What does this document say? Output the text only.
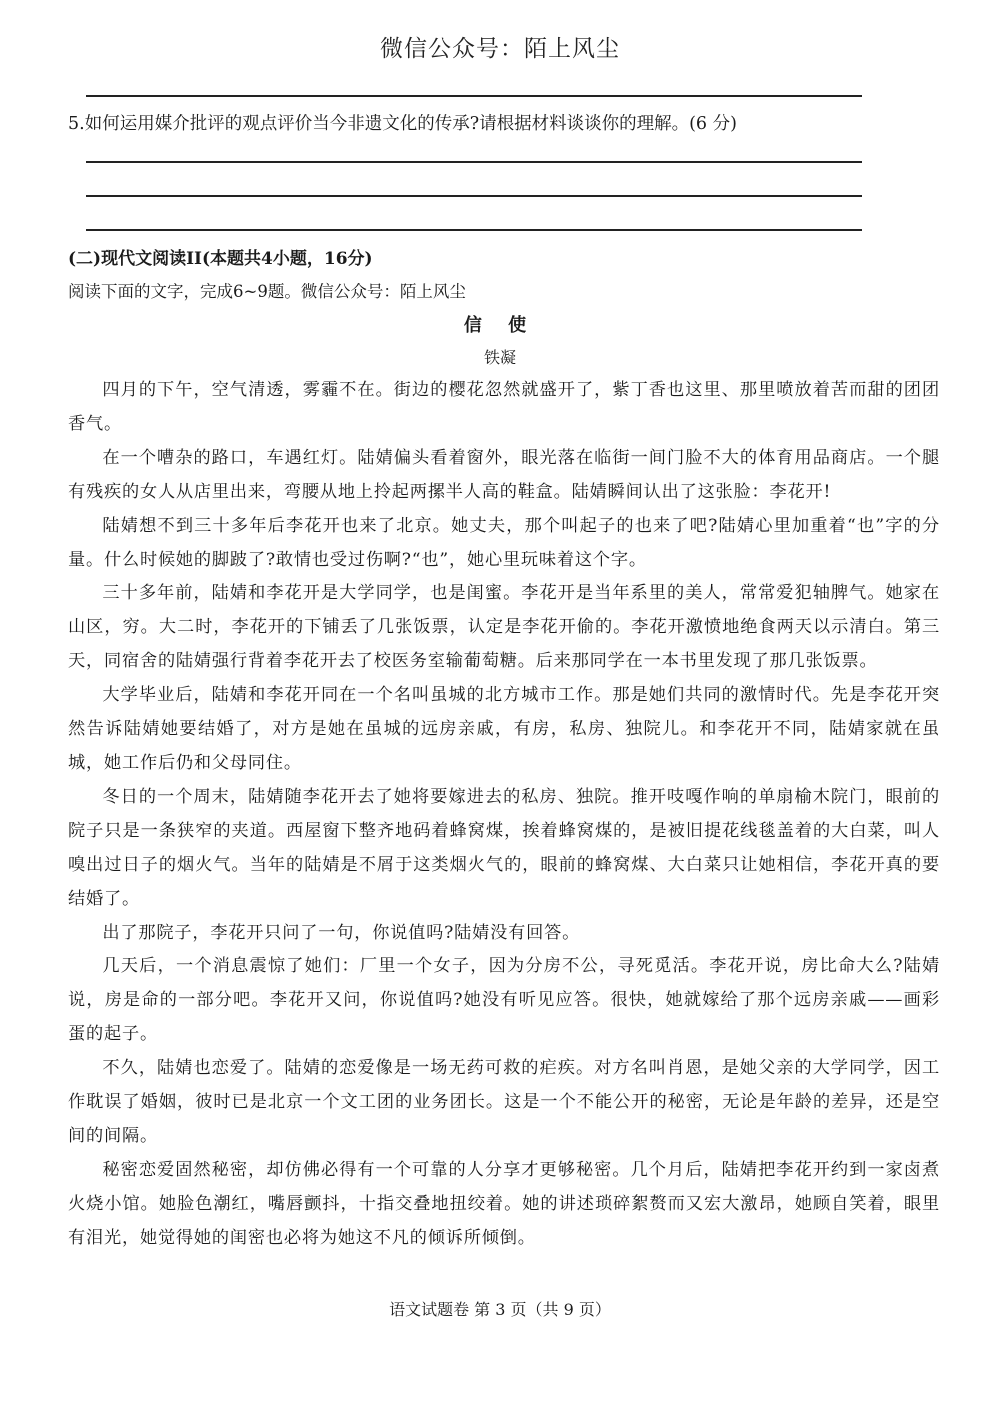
微信公众号：陌上风尘
5.如何运用媒介批评的观点评价当今非遗文化的传承?请根据材料谈谈你的理解。(6 分)
(二)现代文阅读II(本题共4小题，16分)
阅读下面的文字，完成6~9题。微信公众号：陌上风尘
信 使
铁凝

四月的下午，空气清透，雾霾不在。街边的樱花忽然就盛开了，紫丁香也这里、那里喷放着苦而甜的团团香气。

在一个嘈杂的路口，车遇红灯。陆婧偏头看着窗外，眼光落在临街一间门脸不大的体育用品商店。一个腿有残疾的女人从店里出来，弯腰从地上拎起两摞半人高的鞋盒。陆婧瞬间认出了这张脸：李花开!

陆婧想不到三十多年后李花开也来了北京。她丈夫，那个叫起子的也来了吧?陆婧心里加重着“也”字的分量。什么时候她的脚跛了?敢情也受过伤啊?“也”，她心里玩味着这个字。

三十多年前，陆婧和李花开是大学同学，也是闺蜜。李花开是当年系里的美人，常常爱犯轴脾气。她家在山区，穷。大二时，李花开的下铺丢了几张饭票，认定是李花开偷的。李花开激愤地绝食两天以示清白。第三天，同宿舍的陆婧强行背着李花开去了校医务室输葡萄糖。后来那同学在一本书里发现了那几张饭票。

大学毕业后，陆婧和李花开同在一个名叫虽城的北方城市工作。那是她们共同的激情时代。先是李花开突然告诉陆婧她要结婚了，对方是她在虽城的远房亲戚，有房，私房、独院儿。和李花开不同，陆婧家就在虽城，她工作后仍和父母同住。

冬日的一个周末，陆婧随李花开去了她将要嫁进去的私房、独院。推开吱嘎作响的单扇榆木院门，眼前的院子只是一条狭窄的夹道。西屋窗下整齐地码着蜂窝煤，挨着蜂窝煤的，是被旧提花线毯盖着的大白菜，叫人嗅出过日子的烟火气。当年的陆婧是不屑于这类烟火气的，眼前的蜂窝煤、大白菜只让她相信，李花开真的要结婚了。

出了那院子，李花开只问了一句，你说值吗?陆婧没有回答。

几天后，一个消息震惊了她们：厂里一个女子，因为分房不公，寻死觅活。李花开说，房比命大么?陆婧说，房是命的一部分吧。李花开又问，你说值吗?她没有听见应答。很快，她就嫁给了那个远房亲戚——画彩蛋的起子。

不久，陆婧也恋爱了。陆婧的恋爱像是一场无药可救的疟疾。对方名叫肖恩，是她父亲的大学同学，因工作耽误了婚姻，彼时已是北京一个文工团的业务团长。这是一个不能公开的秘密，无论是年龄的差异，还是空间的间隔。

秘密恋爱固然秘密，却仿佛必得有一个可靠的人分享才更够秘密。几个月后，陆婧把李花开约到一家卤煮火烧小馆。她脸色潮红，嘴唇颤抖，十指交叠地扭绞着。她的讲述琐碎絮赘而又宏大激昂，她顾自笑着，眼里有泪光，她觉得她的闺密也必将为她这不凡的倾诉所倾倒。

语文试题卷 第 3 页（共 9 页）
